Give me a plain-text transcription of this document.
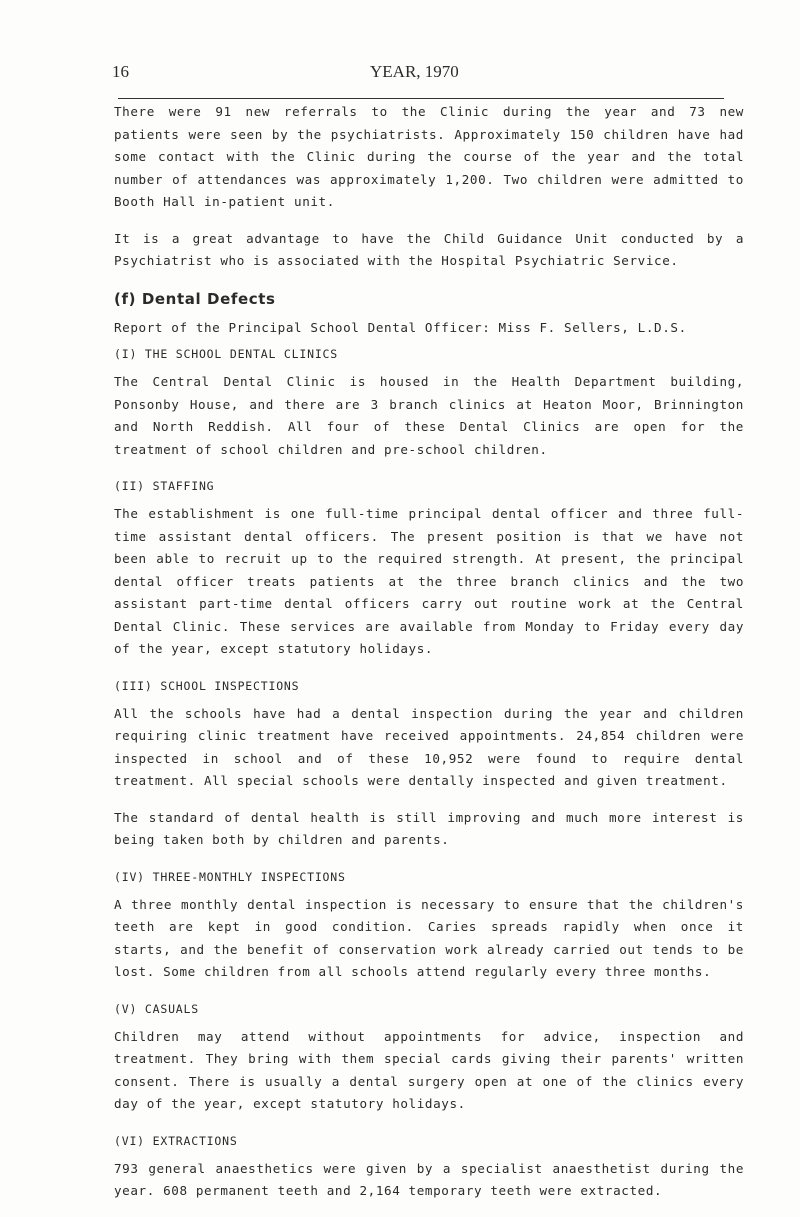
16	YEAR, 1970

There were 91 new referrals to the Clinic during the year and 73 new patients were seen by the psychiatrists. Approximately 150 children have had some contact with the Clinic during the course of the year and the total number of attendances was approximately 1,200. Two children were admitted to Booth Hall in-patient unit.

It is a great advantage to have the Child Guidance Unit conducted by a Psychiatrist who is associated with the Hospital Psychiatric Service.

(f) Dental Defects

Report of the Principal School Dental Officer: Miss F. Sellers, L.D.S.

(I) THE SCHOOL DENTAL CLINICS

The Central Dental Clinic is housed in the Health Department building, Ponsonby House, and there are 3 branch clinics at Heaton Moor, Brinnington and North Reddish. All four of these Dental Clinics are open for the treatment of school children and pre-school children.

(II) STAFFING

The establishment is one full-time principal dental officer and three full-time assistant dental officers. The present position is that we have not been able to recruit up to the required strength. At present, the principal dental officer treats patients at the three branch clinics and the two assistant part-time dental officers carry out routine work at the Central Dental Clinic. These services are available from Monday to Friday every day of the year, except statutory holidays.

(III) SCHOOL INSPECTIONS

All the schools have had a dental inspection during the year and children requiring clinic treatment have received appointments. 24,854 children were inspected in school and of these 10,952 were found to require dental treatment. All special schools were dentally inspected and given treatment.

The standard of dental health is still improving and much more interest is being taken both by children and parents.

(IV) THREE-MONTHLY INSPECTIONS

A three monthly dental inspection is necessary to ensure that the children's teeth are kept in good condition. Caries spreads rapidly when once it starts, and the benefit of conservation work already carried out tends to be lost. Some children from all schools attend regularly every three months.

(V) CASUALS

Children may attend without appointments for advice, inspection and treatment. They bring with them special cards giving their parents' written consent. There is usually a dental surgery open at one of the clinics every day of the year, except statutory holidays.

(VI) EXTRACTIONS

793 general anaesthetics were given by a specialist anaesthetist during the year. 608 permanent teeth and 2,164 temporary teeth were extracted.
